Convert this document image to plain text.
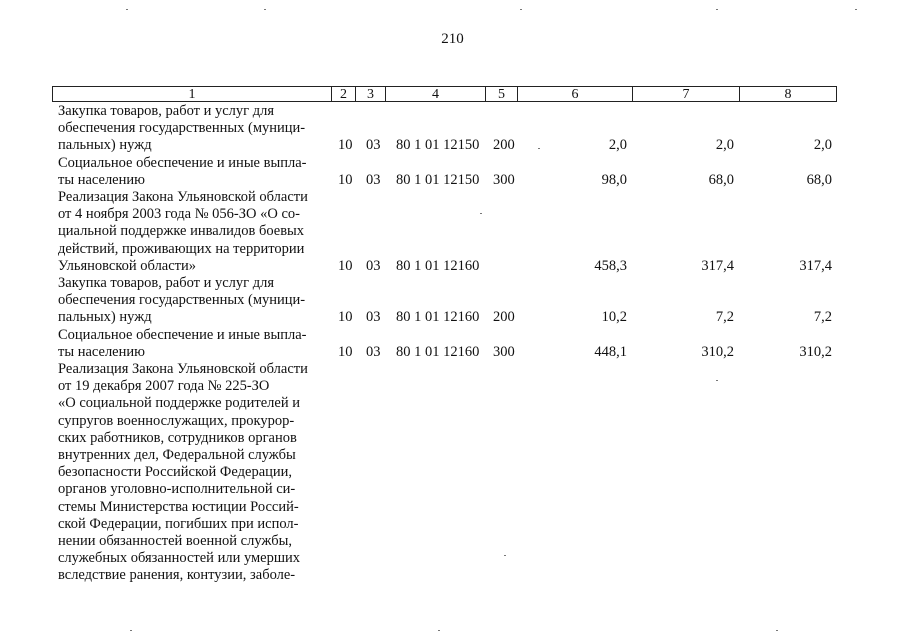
210
1	2	3	4	5	6	7	8
Закупка товаров, работ и услуг для
обеспечения государственных (муници-
пальных) нужд	10 03	80 1 01 12150 200	2,0	2,0	2,0
Социальное обеспечение и иные выпла-
ты населению	10 03	80 1 01 12150 300	98,0	68,0	68,0
Реализация Закона Ульяновской области
от 4 ноября 2003 года № 056-ЗО «О со-
циальной поддержке инвалидов боевых
действий, проживающих на территории
Ульяновской области»	10 03	80 1 01 12160	458,3	317,4	317,4
Закупка товаров, работ и услуг для
обеспечения государственных (муници-
пальных) нужд	10 03	80 1 01 12160 200	10,2	7,2	7,2
Социальное обеспечение и иные выпла-
ты населению	10 03	80 1 01 12160 300	448,1	310,2	310,2
Реализация Закона Ульяновской области
от 19 декабря 2007 года № 225-ЗО
«О социальной поддержке родителей и
супругов военнослужащих, прокурор-
ских работников, сотрудников органов
внутренних дел, Федеральной службы
безопасности Российской Федерации,
органов уголовно-исполнительной си-
стемы Министерства юстиции Россий-
ской Федерации, погибших при испол-
нении обязанностей военной службы,
служебных обязанностей или умерших
вследствие ранения, контузии, заболе-
